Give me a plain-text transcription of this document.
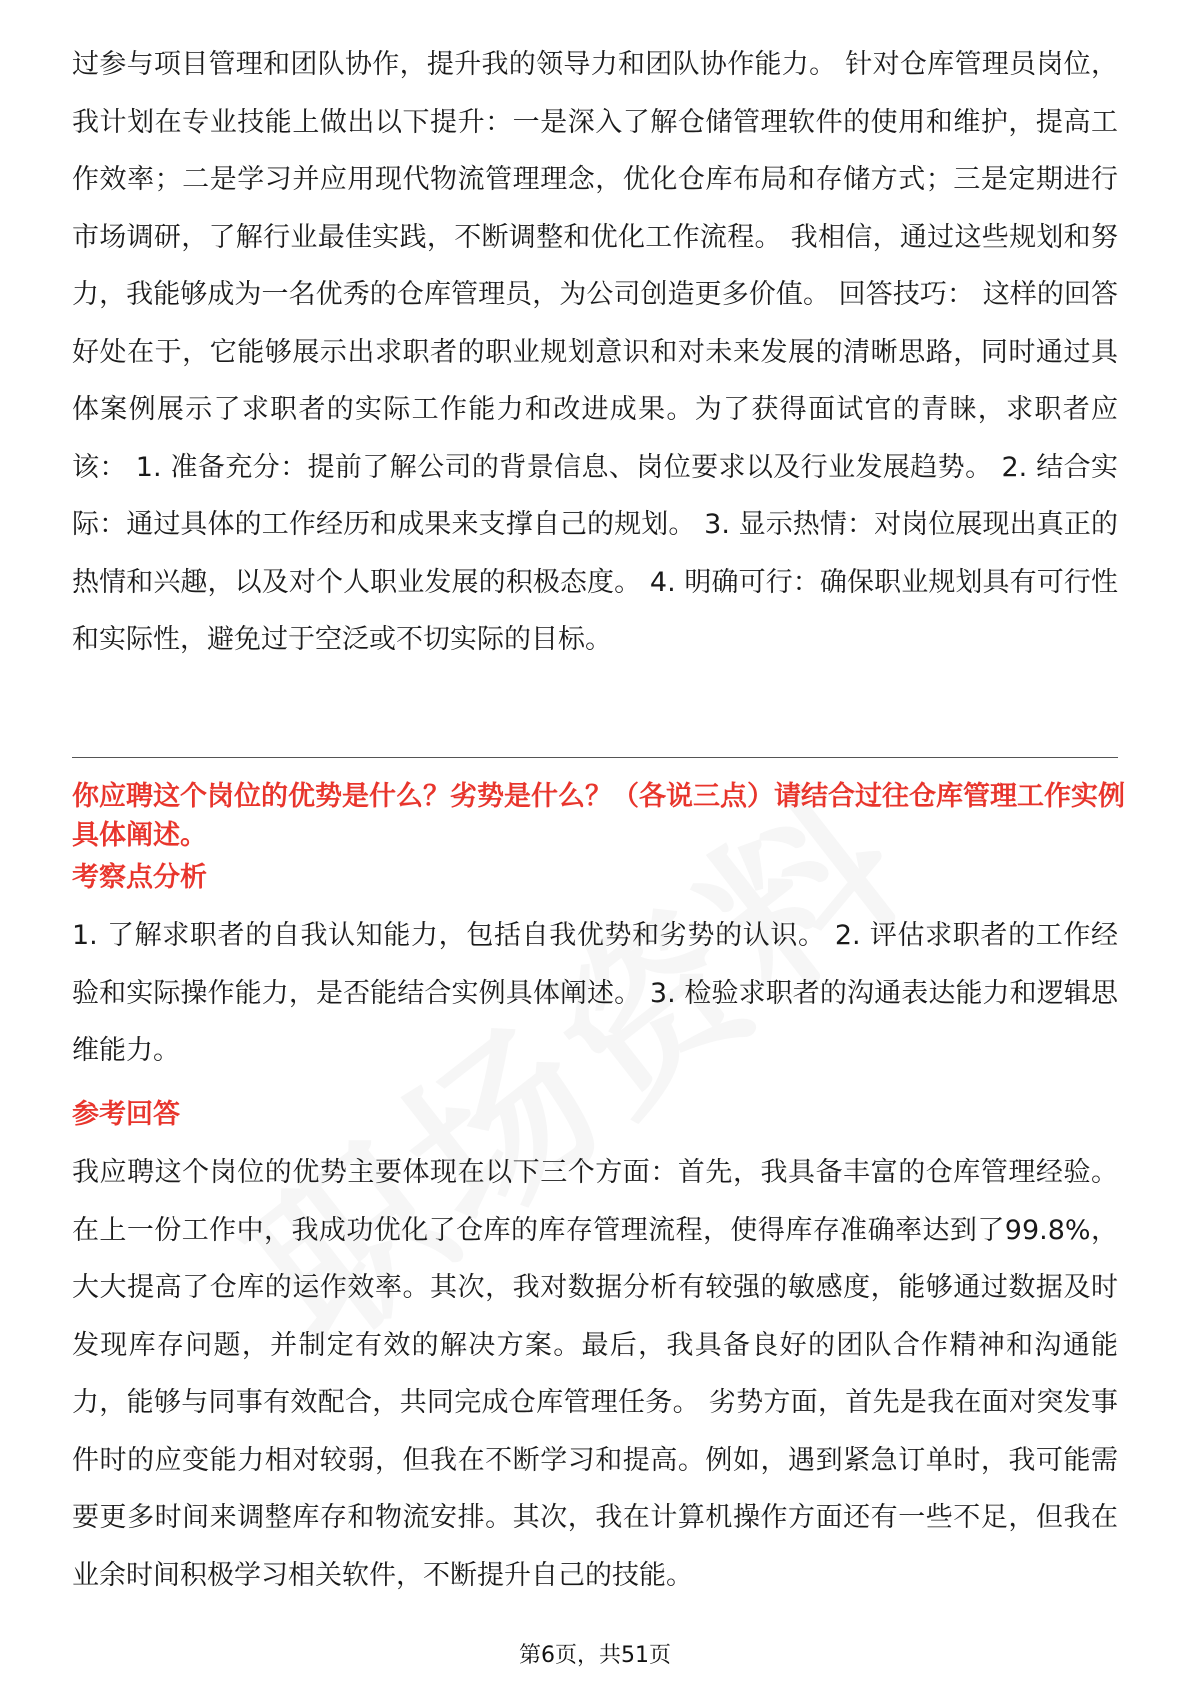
过参与项目管理和团队协作，提升我的领导力和团队协作能力。 针对仓库管理员岗位，我计划在专业技能上做出以下提升：一是深入了解仓储管理软件的使用和维护，提高工作效率；二是学习并应用现代物流管理理念，优化仓库布局和存储方式；三是定期进行市场调研，了解行业最佳实践，不断调整和优化工作流程。 我相信，通过这些规划和努力，我能够成为一名优秀的仓库管理员，为公司创造更多价值。 回答技巧： 这样的回答好处在于，它能够展示出求职者的职业规划意识和对未来发展的清晰思路，同时通过具体案例展示了求职者的实际工作能力和改进成果。为了获得面试官的青睐，求职者应该： 1. 准备充分：提前了解公司的背景信息、岗位要求以及行业发展趋势。 2. 结合实际：通过具体的工作经历和成果来支撑自己的规划。 3. 显示热情：对岗位展现出真正的热情和兴趣，以及对个人职业发展的积极态度。 4. 明确可行：确保职业规划具有可行性和实际性，避免过于空泛或不切实际的目标。

你应聘这个岗位的优势是什么？劣势是什么？（各说三点）请结合过往仓库管理工作实例具体阐述。

考察点分析

1. 了解求职者的自我认知能力，包括自我优势和劣势的认识。 2. 评估求职者的工作经验和实际操作能力，是否能结合实例具体阐述。 3. 检验求职者的沟通表达能力和逻辑思维能力。

参考回答

我应聘这个岗位的优势主要体现在以下三个方面：首先，我具备丰富的仓库管理经验。在上一份工作中，我成功优化了仓库的库存管理流程，使得库存准确率达到了99.8%，大大提高了仓库的运作效率。其次，我对数据分析有较强的敏感度，能够通过数据及时发现库存问题，并制定有效的解决方案。最后，我具备良好的团队合作精神和沟通能力，能够与同事有效配合，共同完成仓库管理任务。 劣势方面，首先是我在面对突发事件时的应变能力相对较弱，但我在不断学习和提高。例如，遇到紧急订单时，我可能需要更多时间来调整库存和物流安排。其次，我在计算机操作方面还有一些不足，但我在业余时间积极学习相关软件，不断提升自己的技能。

第6页，共51页
